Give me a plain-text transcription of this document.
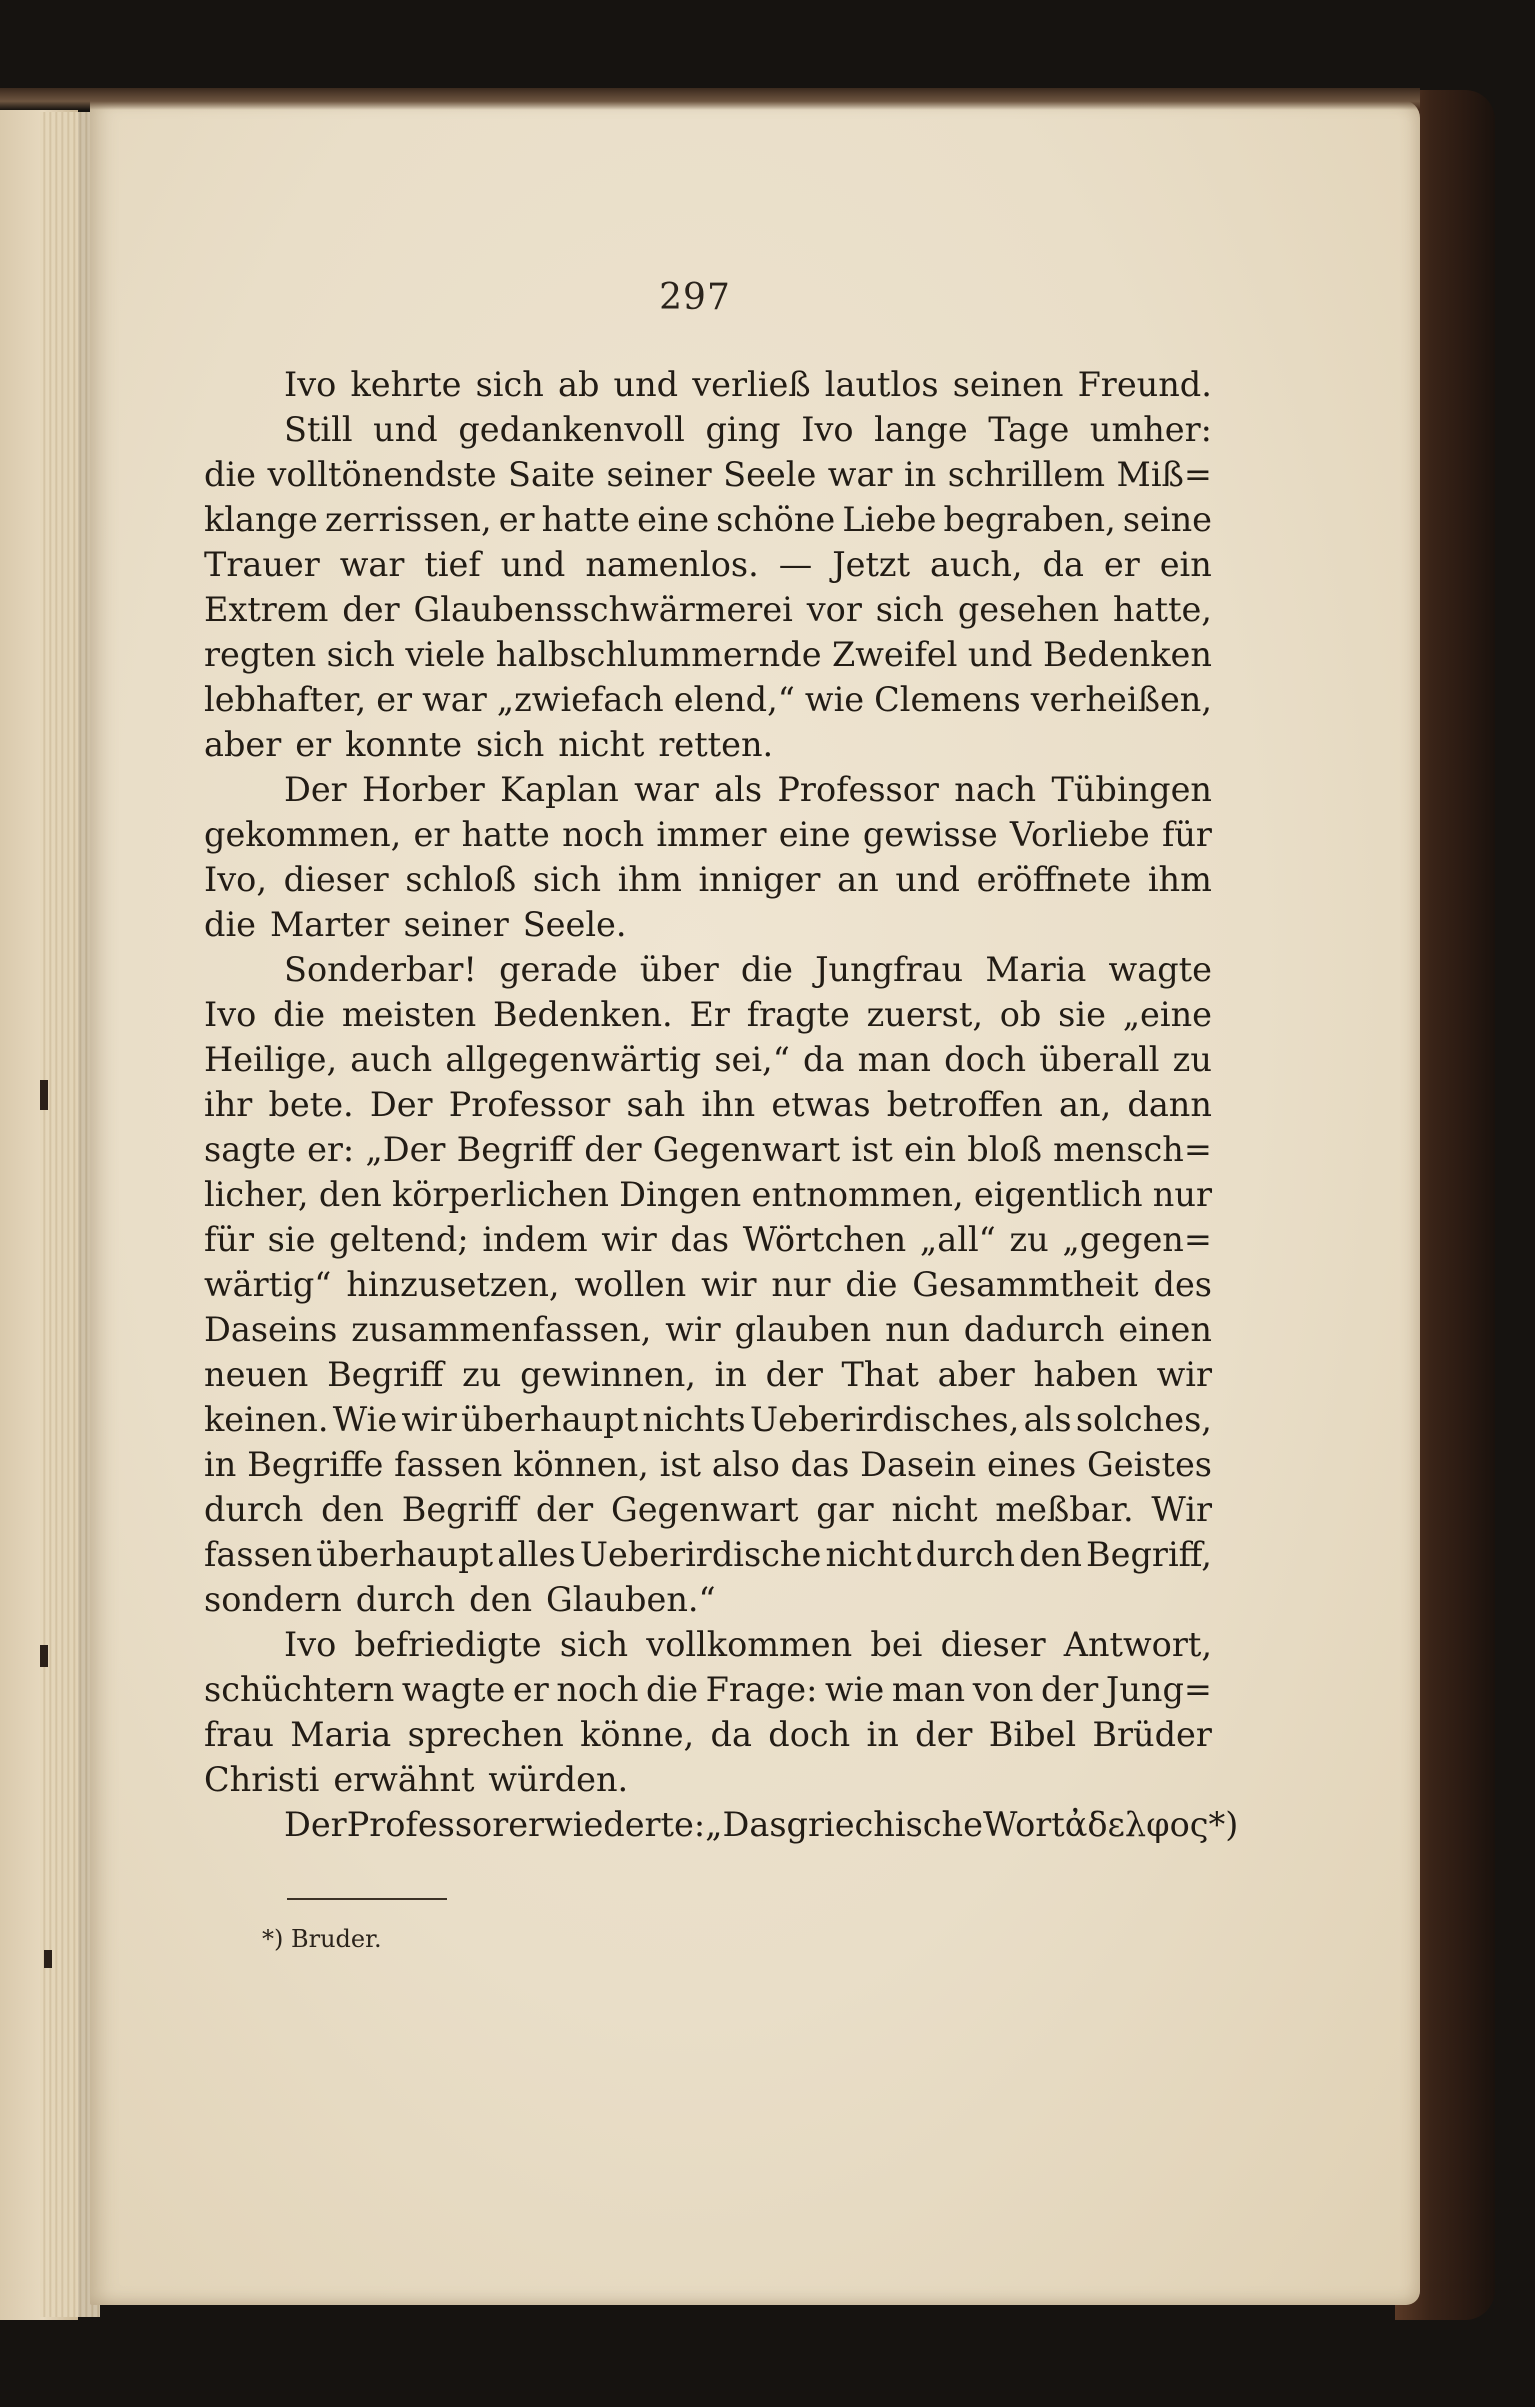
297
Ivo kehrte sich ab und verließ lautlos seinen Freund.
Still und gedankenvoll ging Ivo lange Tage umher:
die volltönendste Saite seiner Seele war in schrillem Miß=
klange zerrissen, er hatte eine schöne Liebe begraben, seine
Trauer war tief und namenlos. — Jetzt auch, da er ein
Extrem der Glaubensschwärmerei vor sich gesehen hatte,
regten sich viele halbschlummernde Zweifel und Bedenken
lebhafter, er war „zwiefach elend,“ wie Clemens verheißen,
aber er konnte sich nicht retten.
Der Horber Kaplan war als Professor nach Tübingen
gekommen, er hatte noch immer eine gewisse Vorliebe für
Ivo, dieser schloß sich ihm inniger an und eröffnete ihm
die Marter seiner Seele.
Sonderbar! gerade über die Jungfrau Maria wagte
Ivo die meisten Bedenken. Er fragte zuerst, ob sie „eine
Heilige, auch allgegenwärtig sei,“ da man doch überall zu
ihr bete. Der Professor sah ihn etwas betroffen an, dann
sagte er: „Der Begriff der Gegenwart ist ein bloß mensch=
licher, den körperlichen Dingen entnommen, eigentlich nur
für sie geltend; indem wir das Wörtchen „all“ zu „gegen=
wärtig“ hinzusetzen, wollen wir nur die Gesammtheit des
Daseins zusammenfassen, wir glauben nun dadurch einen
neuen Begriff zu gewinnen, in der That aber haben wir
keinen. Wie wir überhaupt nichts Ueberirdisches, als solches,
in Begriffe fassen können, ist also das Dasein eines Geistes
durch den Begriff der Gegenwart gar nicht meßbar. Wir
fassen überhaupt alles Ueberirdische nicht durch den Begriff,
sondern durch den Glauben.“
Ivo befriedigte sich vollkommen bei dieser Antwort,
schüchtern wagte er noch die Frage: wie man von der Jung=
frau Maria sprechen könne, da doch in der Bibel Brüder
Christi erwähnt würden.
Der Professor erwiederte: „Das griechische Wort ἀδελφος *)
*) Bruder.
